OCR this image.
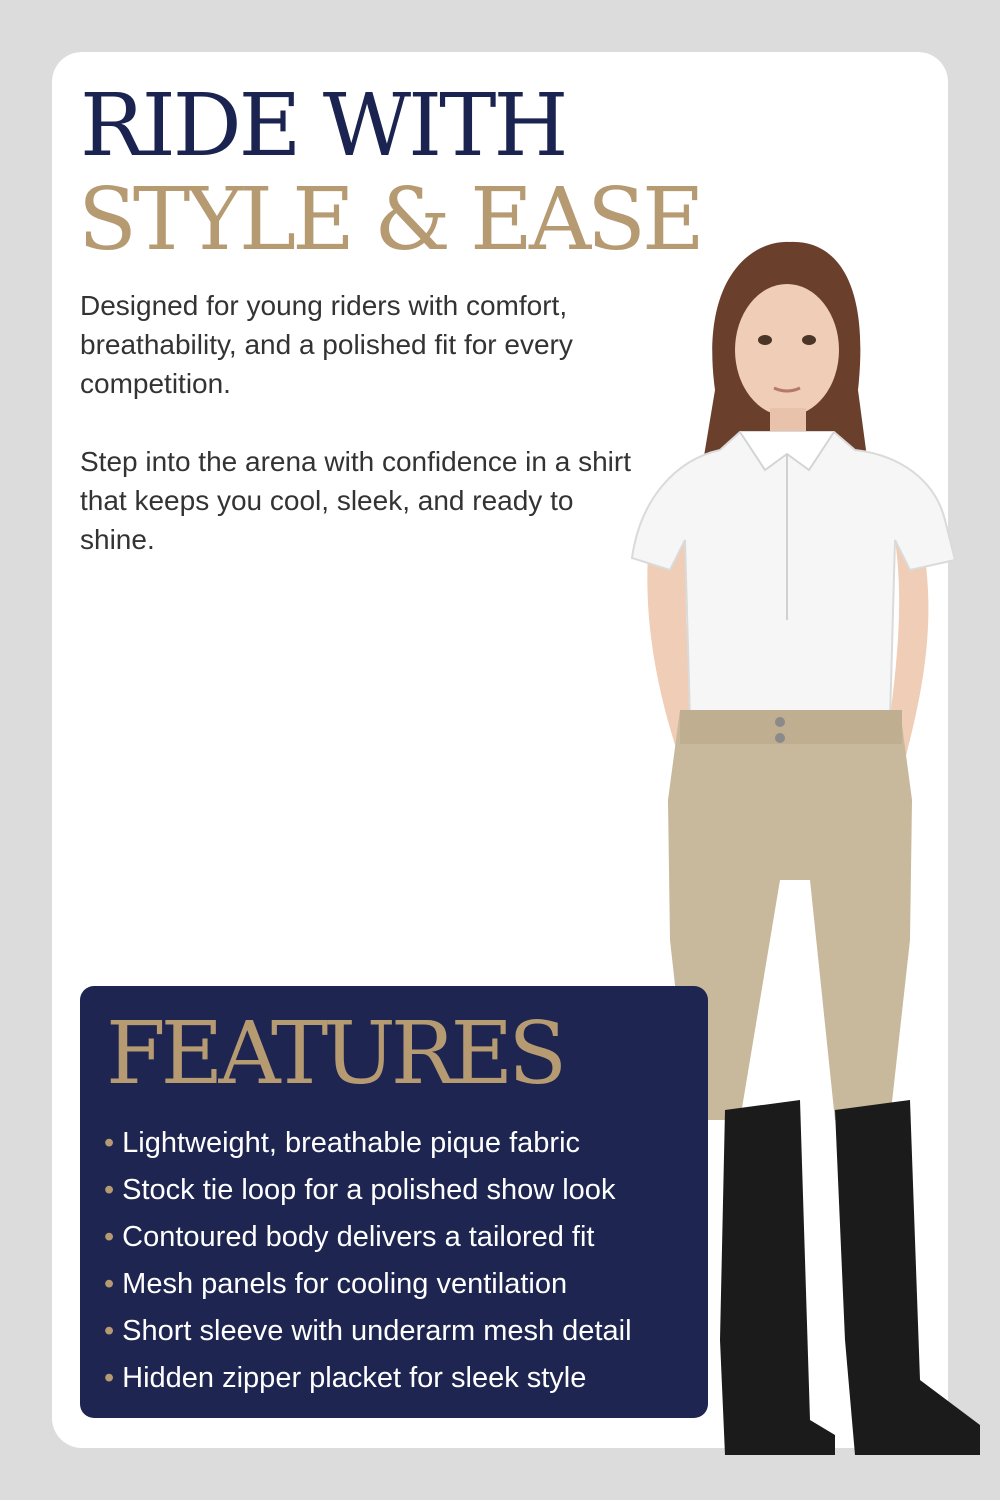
RIDE WITH
STYLE & EASE
Designed for young riders with comfort, breathability, and a polished fit for every competition.
Step into the arena with confidence in a shirt that keeps you cool, sleek, and ready to shine.
FEATURES
• Lightweight, breathable pique fabric
• Stock tie loop for a polished show look
• Contoured body delivers a tailored fit
• Mesh panels for cooling ventilation
• Short sleeve with underarm mesh detail
• Hidden zipper placket for sleek style
